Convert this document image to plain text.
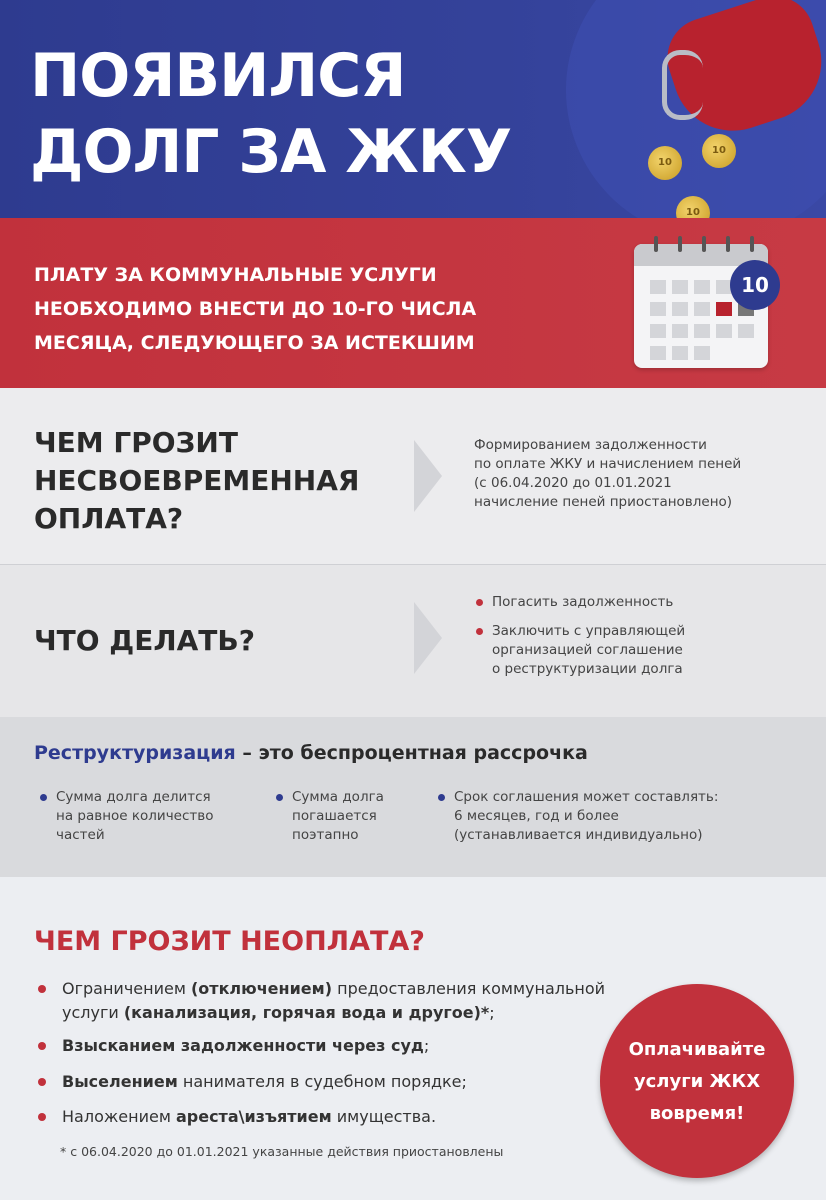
ПОЯВИЛСЯ
ДОЛГ ЗА ЖКУ	10
10
10
ПЛАТУ ЗА КОММУНАЛЬНЫЕ УСЛУГИ
НЕОБХОДИМО ВНЕСТИ ДО 10-ГО ЧИСЛА
МЕСЯЦА, СЛЕДУЮЩЕГО ЗА ИСТЕКШИМ
10
ЧЕМ ГРОЗИТ
НЕСВОЕВРЕМЕННАЯ
ОПЛАТА?
Формированием задолженности
по оплате ЖКУ и начислением пеней
(с 06.04.2020 до 01.01.2021
начисление пеней приостановлено)
ЧТО ДЕЛАТЬ?
Погасить задолженность
Заключить с управляющей
организацией соглашение
о реструктуризации долга
Реструктуризация – это беспроцентная рассрочка
Сумма долга делится
на равное количество
частей
Сумма долга
погашается
поэтапно
Срок соглашения может составлять:
6 месяцев, год и более
(устанавливается индивидуально)
ЧЕМ ГРОЗИТ НЕОПЛАТА?
Ограничением (отключением) предоставления коммунальной
услуги (канализация, горячая вода и другое)*;
Взысканием задолженности через суд;
Выселением нанимателя в судебном порядке;
Наложением ареста\изъятием имущества.
* с 06.04.2020 до 01.01.2021 указанные действия приостановлены
Оплачивайте
услуги ЖКХ
вовремя!
